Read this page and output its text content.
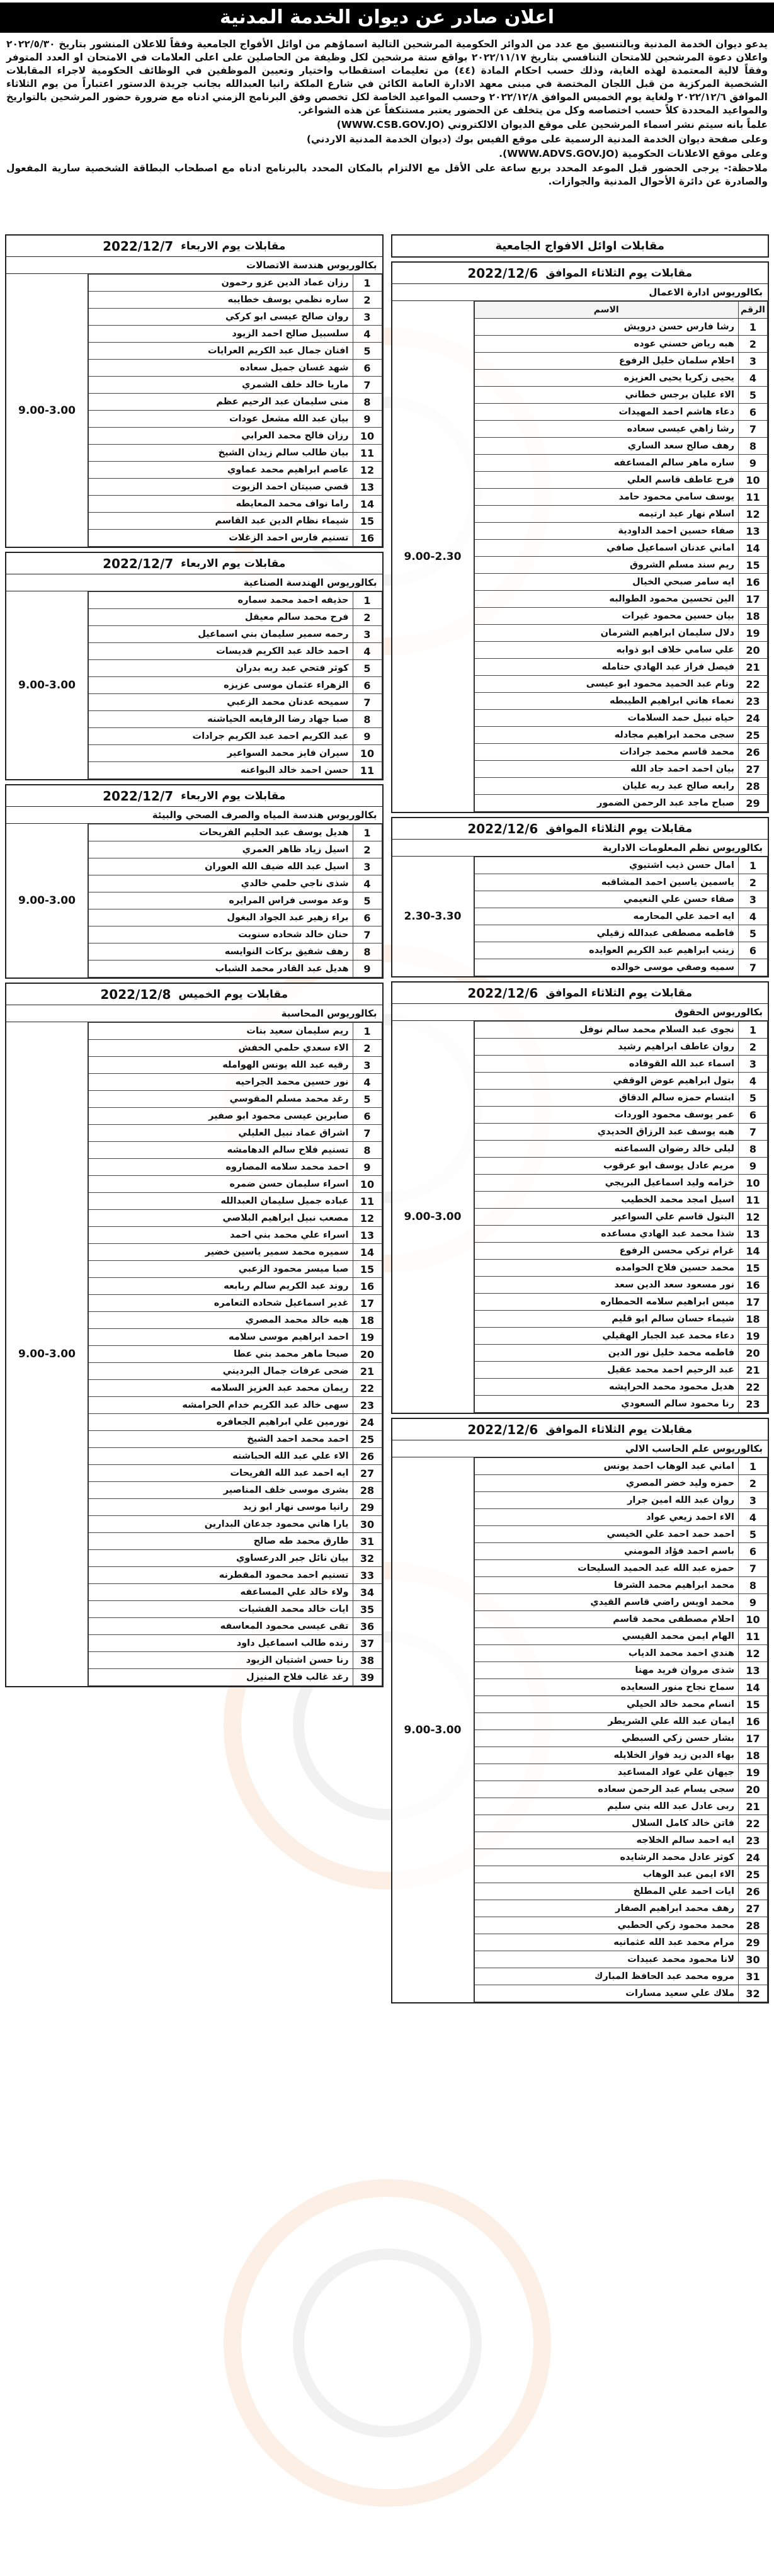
اعلان صادر عن ديوان الخدمة المدنية

يدعو ديوان الخدمة المدنية وبالتنسيق مع عدد من الدوائر الحكومية المرشحين التالية اسماؤهم من اوائل الأفواج الجامعية وفقاً للاعلان المنشور بتاريخ ٢٠٢٢/٥/٣٠ واعلان دعوة المرشحين للامتحان التنافسي بتاريخ ٢٠٢٢/١١/١٧ بواقع ستة مرشحين لكل وظيفة من الحاصلين على اعلى العلامات في الامتحان او العدد المتوفر وفقاً لالية المعتمدة لهذه الغاية، وذلك حسب احكام المادة (٤٤) من تعليمات استقطاب واختيار وتعيين الموظفين في الوظائف الحكومية لاجراء المقابلات الشخصية المركزية من قبل اللجان المختصة في مبنى معهد الادارة العامة الكائن في شارع الملكة رانيا العبدالله بجانب جريدة الدستور اعتباراً من يوم الثلاثاء الموافق ٢٠٢٢/١٢/٦ ولغاية يوم الخميس الموافق ٢٠٢٢/١٢/٨ وحسب المواعيد الخاصة لكل تخصص وفق البرنامج الزمني ادناه مع ضرورة حضور المرشحين بالتواريخ والمواعيد المحددة كلاً حسب اختصاصه وكل من يتخلف عن الحضور يعتبر مستنكفاً عن هذه الشواغر.

علماً بانه سيتم نشر اسماء المرشحين على موقع الديوان الالكتروني (WWW.CSB.GOV.JO)

وعلى صفحة ديوان الخدمة المدنية الرسمية على موقع الفيس بوك (ديوان الخدمة المدنية الاردني)

وعلى موقع الاعلانات الحكومية (WWW.ADVS.GOV.JO).

ملاحظة:- يرجى الحضور قبل الموعد المحدد بربع ساعة على الأقل مع الالتزام بالمكان المحدد بالبرنامج ادناه مع اصطحاب البطاقة الشخصية سارية المفعول والصادرة عن دائرة الأحوال المدنية والجوازات.

مقابلات اوائل الافواج الجامعية
مقابلات يوم الثلاثاء الموافق
2022/12/6
بكالوريوس ادارة الاعمال
الرقم	الاسم
1	رشا فارس حسن درويش
2	هبه رياض حسني عوده
3	احلام سلمان خليل الرفوع
4	يحيى زكريا يحيى العزيزه
5	الاء عليان برجس خطاني
6	دعاء هاشم احمد المهيدات
7	رشا زاهي عيسى سعاده
8	رهف صالح سعد الساري
9	ساره ماهر سالم المساعفه
10	فرح عاطف قاسم العلي
11	يوسف سامي محمود حامد
12	اسلام نهار عيد ارتيمه
13	صفاء حسين احمد الداودية
14	اماني عدنان اسماعيل صافي
15	ريم سند مسلم الشروق
16	ايه سامر صبحي الخيال
17	الين تحسين محمود الطوالبه
18	بيان حسين محمود غيرات
19	دلال سليمان ابراهيم الشرمان
20	علي سامي خلاف ابو ذوابه
21	فيصل فراز عبد الهادي حتامله
22	ونام عبد الحميد محمود ابو عيسى
23	نعماء هاني ابراهيم الطيبطه
24	حياه نبيل حمد السلامات
25	سجى محمد ابراهيم مجادله
26	محمد قاسم محمد جرادات
27	بيان احمد احمد جاد الله
28	رابعه صالح عبد ربه عليان
29	صباح ماجد عبد الرحمن الضمور
9.00-2.30
مقابلات يوم الثلاثاء الموافق
2022/12/6
بكالوريوس نظم المعلومات الادارية
1	امال حسن ذيب اشتيوي
2	ياسمين ياسين احمد المشاقبه
3	صفاء حسن علي النعيمي
4	ايه احمد علي المحارمه
5	فاطمه مصطفى عبدالله زقيلي
6	زينب ابراهيم عبد الكريم العوايده
7	سميه وصفي موسى خوالده
2.30-3.30
مقابلات يوم الثلاثاء الموافق
2022/12/6
بكالوريوس الحقوق
1	نجوى عبد السلام محمد سالم نوفل
2	روان عاطف ابراهيم رشيد
3	اسماء عبد الله القوقاده
4	بتول ابراهيم عوض الوقفي
5	ابتسام حمزه سالم الدقاق
6	عمر يوسف محمود الوردات
7	هبه يوسف عبد الرزاق الحديدي
8	ليلى خالد رضوان السماعنه
9	مريم عادل يوسف ابو عرقوب
10	خزامه وليد اسماعيل البريجي
11	اسيل امجد محمد الخطيب
12	البتول قاسم علي السواعير
13	شذا محمد عبد الهادي مساعده
14	غرام تركي محسن الرفوع
15	محمد حسين فلاح الحوامده
16	نور مسعود سعد الدين سعد
17	ميس ابراهيم سلامه الحمطاره
18	شيماء حسان سالم ابو قليم
19	دعاء محمد عبد الجبار الهقيلي
20	فاطمه محمد خليل نور الدين
21	عبد الرحيم احمد محمد عقيل
22	هديل محمود محمد الحرايشه
23	رنا محمود سالم السعودي
9.00-3.00
مقابلات يوم الثلاثاء الموافق
2022/12/6
بكالوريوس علم الحاسب الالي
1	اماني عبد الوهاب احمد يونس
2	حمزه وليد خضر المصري
3	روان عبد الله امين جرار
4	الاء احمد زيعي عواد
5	احمد حمد احمد علي الخيسي
6	باسم احمد فؤاد المومني
7	حمزه عبد الله عبد الحميد السليحات
8	محمد ابراهيم محمد الشرفا
9	محمد اويس راضي قاسم القيدي
10	احلام مصطفى محمد قاسم
11	الهام ايمن محمد القيسي
12	هندي احمد محمد الدياب
13	شذى مروان فريد مهنا
14	سماح نجاح منور السعايده
15	انسام محمد خالد الحيلي
16	ايمان عبد الله علي الشريطر
17	بشار حسن زكي السبطي
18	بهاء الدين زيد فواز الخلايله
19	جيهان علي عواد المساعيد
20	سجى يسام عبد الرحمن سعاده
21	ربى عادل عبد الله بني سليم
22	فاتن خالد كامل السلال
23	ايه احمد سالم الخلاجه
24	كوثر عادل محمد الرشايده
25	الاء ايمن عبد الوهاب
26	ايات احمد علي المطلخ
27	رهف محمد ابراهيم الصفار
28	محمد محمود زكي الحطبي
29	مرام محمد عبد الله عثمانيه
30	لانا محمود محمد عبيدات
31	مروه محمد عبد الحافظ المبارك
32	ملاك علي سعيد مسارات
9.00-3.00
مقابلات يوم الاربعاء
2022/12/7
بكالوريوس هندسة الاتصالات
1	رزان عماد الدين عزو رحمون
2	ساره نظمي يوسف خطايبه
3	روان صالح عيسى ابو كركي
4	سلسبيل صالح احمد الزيود
5	افنان جمال عبد الكريم العرايات
6	شهد غسان جميل سعاده
7	ماريا خالد خلف الشمري
8	منى سليمان عبد الرحيم عظم
9	بيان عبد الله مشعل عودات
10	رزان فالح محمد العرابي
11	بيان طالب سالم زيدان الشيخ
12	عاصم ابراهيم محمد عماوي
13	قصي صبيتان احمد الزيوت
14	راما نواف محمد المعايطه
15	شيماء نظام الدين عبد القاسم
16	تسنيم فارس احمد الزغلات
9.00-3.00
مقابلات يوم الاربعاء
2022/12/7
بكالوريوس الهندسة الصناعية
1	حذيفه احمد محمد سماره
2	فرح محمد سالم معيقل
3	رحمه سمير سليمان بني اسماعيل
4	احمد خالد عبد الكريم قديسات
5	كوثر فتحي عبد ربه بدران
6	الزهراء عثمان موسى عزيزه
7	سميحه عدنان محمد الزعبي
8	صبا جهاد رضا الرفايعه الحياشنه
9	عبد الكريم احمد عبد الكريم جرادات
10	سيران فايز محمد السواعير
11	حسن احمد خالد البواعنه
9.00-3.00
مقابلات يوم الاربعاء
2022/12/7
بكالوريوس هندسة المياه والصرف الصحي والبيئة
1	هديل يوسف عبد الحليم الفريحات
2	اسيل زياد ظاهر العمري
3	اسيل عبد الله ضيف الله العوران
4	شذى ناجي حلمي خالدي
5	وعد موسى فراس المرايره
6	براء زهير عبد الجواد البغول
7	حنان خالد شحاده سنوبت
8	رهف شفيق بركات النوايسه
9	هديل عبد القادر محمد الشباب
9.00-3.00
مقابلات يوم الخميس
2022/12/8
بكالوريوس المحاسبة
1	ريم سليمان سعيد بنات
2	الاء سعدي حلمي الخفش
3	رقيه عبد الله يونس الهوامله
4	نور حسين محمد الجراحيه
5	رغد محمد مسلم المقوسي
6	صابرين عيسى محمود ابو صفير
7	اشراق عماد نبيل العليلي
8	تسنيم فلاح سالم الدهامشه
9	احمد محمد سلامه المصاروه
10	اسراء سليمان حسن ضمره
11	عباده جميل سليمان العبدالله
12	مصعب نبيل ابراهيم البلاصي
13	اسراء علي محمد بني احمد
14	سميره محمد سمير ياسين خضير
15	صبا ميسر محمود الزعبي
16	روند عبد الكريم سالم ربابعه
17	غدير اسماعيل شحاده التعامره
18	هبه خالد محمد المصري
19	احمد ابراهيم موسى سلامه
20	صبحا ماهر محمد بني عطا
21	ضحى عرفات جمال البرديني
22	ريمان محمد عبد العزيز السلامه
23	سهى خالد عبد الكريم خدام الحرامشه
24	نورمين علي ابراهيم الجعافره
25	احمد محمد احمد الشيخ
26	الاء علي عبد الله الحباشنه
27	ايه احمد عبد الله الفريحات
28	بشرى موسى خلف المناصير
29	رانيا موسى نهار ابو زيد
30	يارا هاني محمود جدعان البدارين
31	طارق محمد طه صالح
32	بيان نائل جبر الدرعساوي
33	تسنيم احمد محمود المقطرنه
34	ولاء خالد علي المساعفه
35	ايات خالد محمد الفشيات
36	تقى عيسى محمود المعاسفه
37	رنده طالب اسماعيل داود
38	رنا حسن اشتيان الزيود
39	رغد غالب فلاح المنيزل
9.00-3.00
